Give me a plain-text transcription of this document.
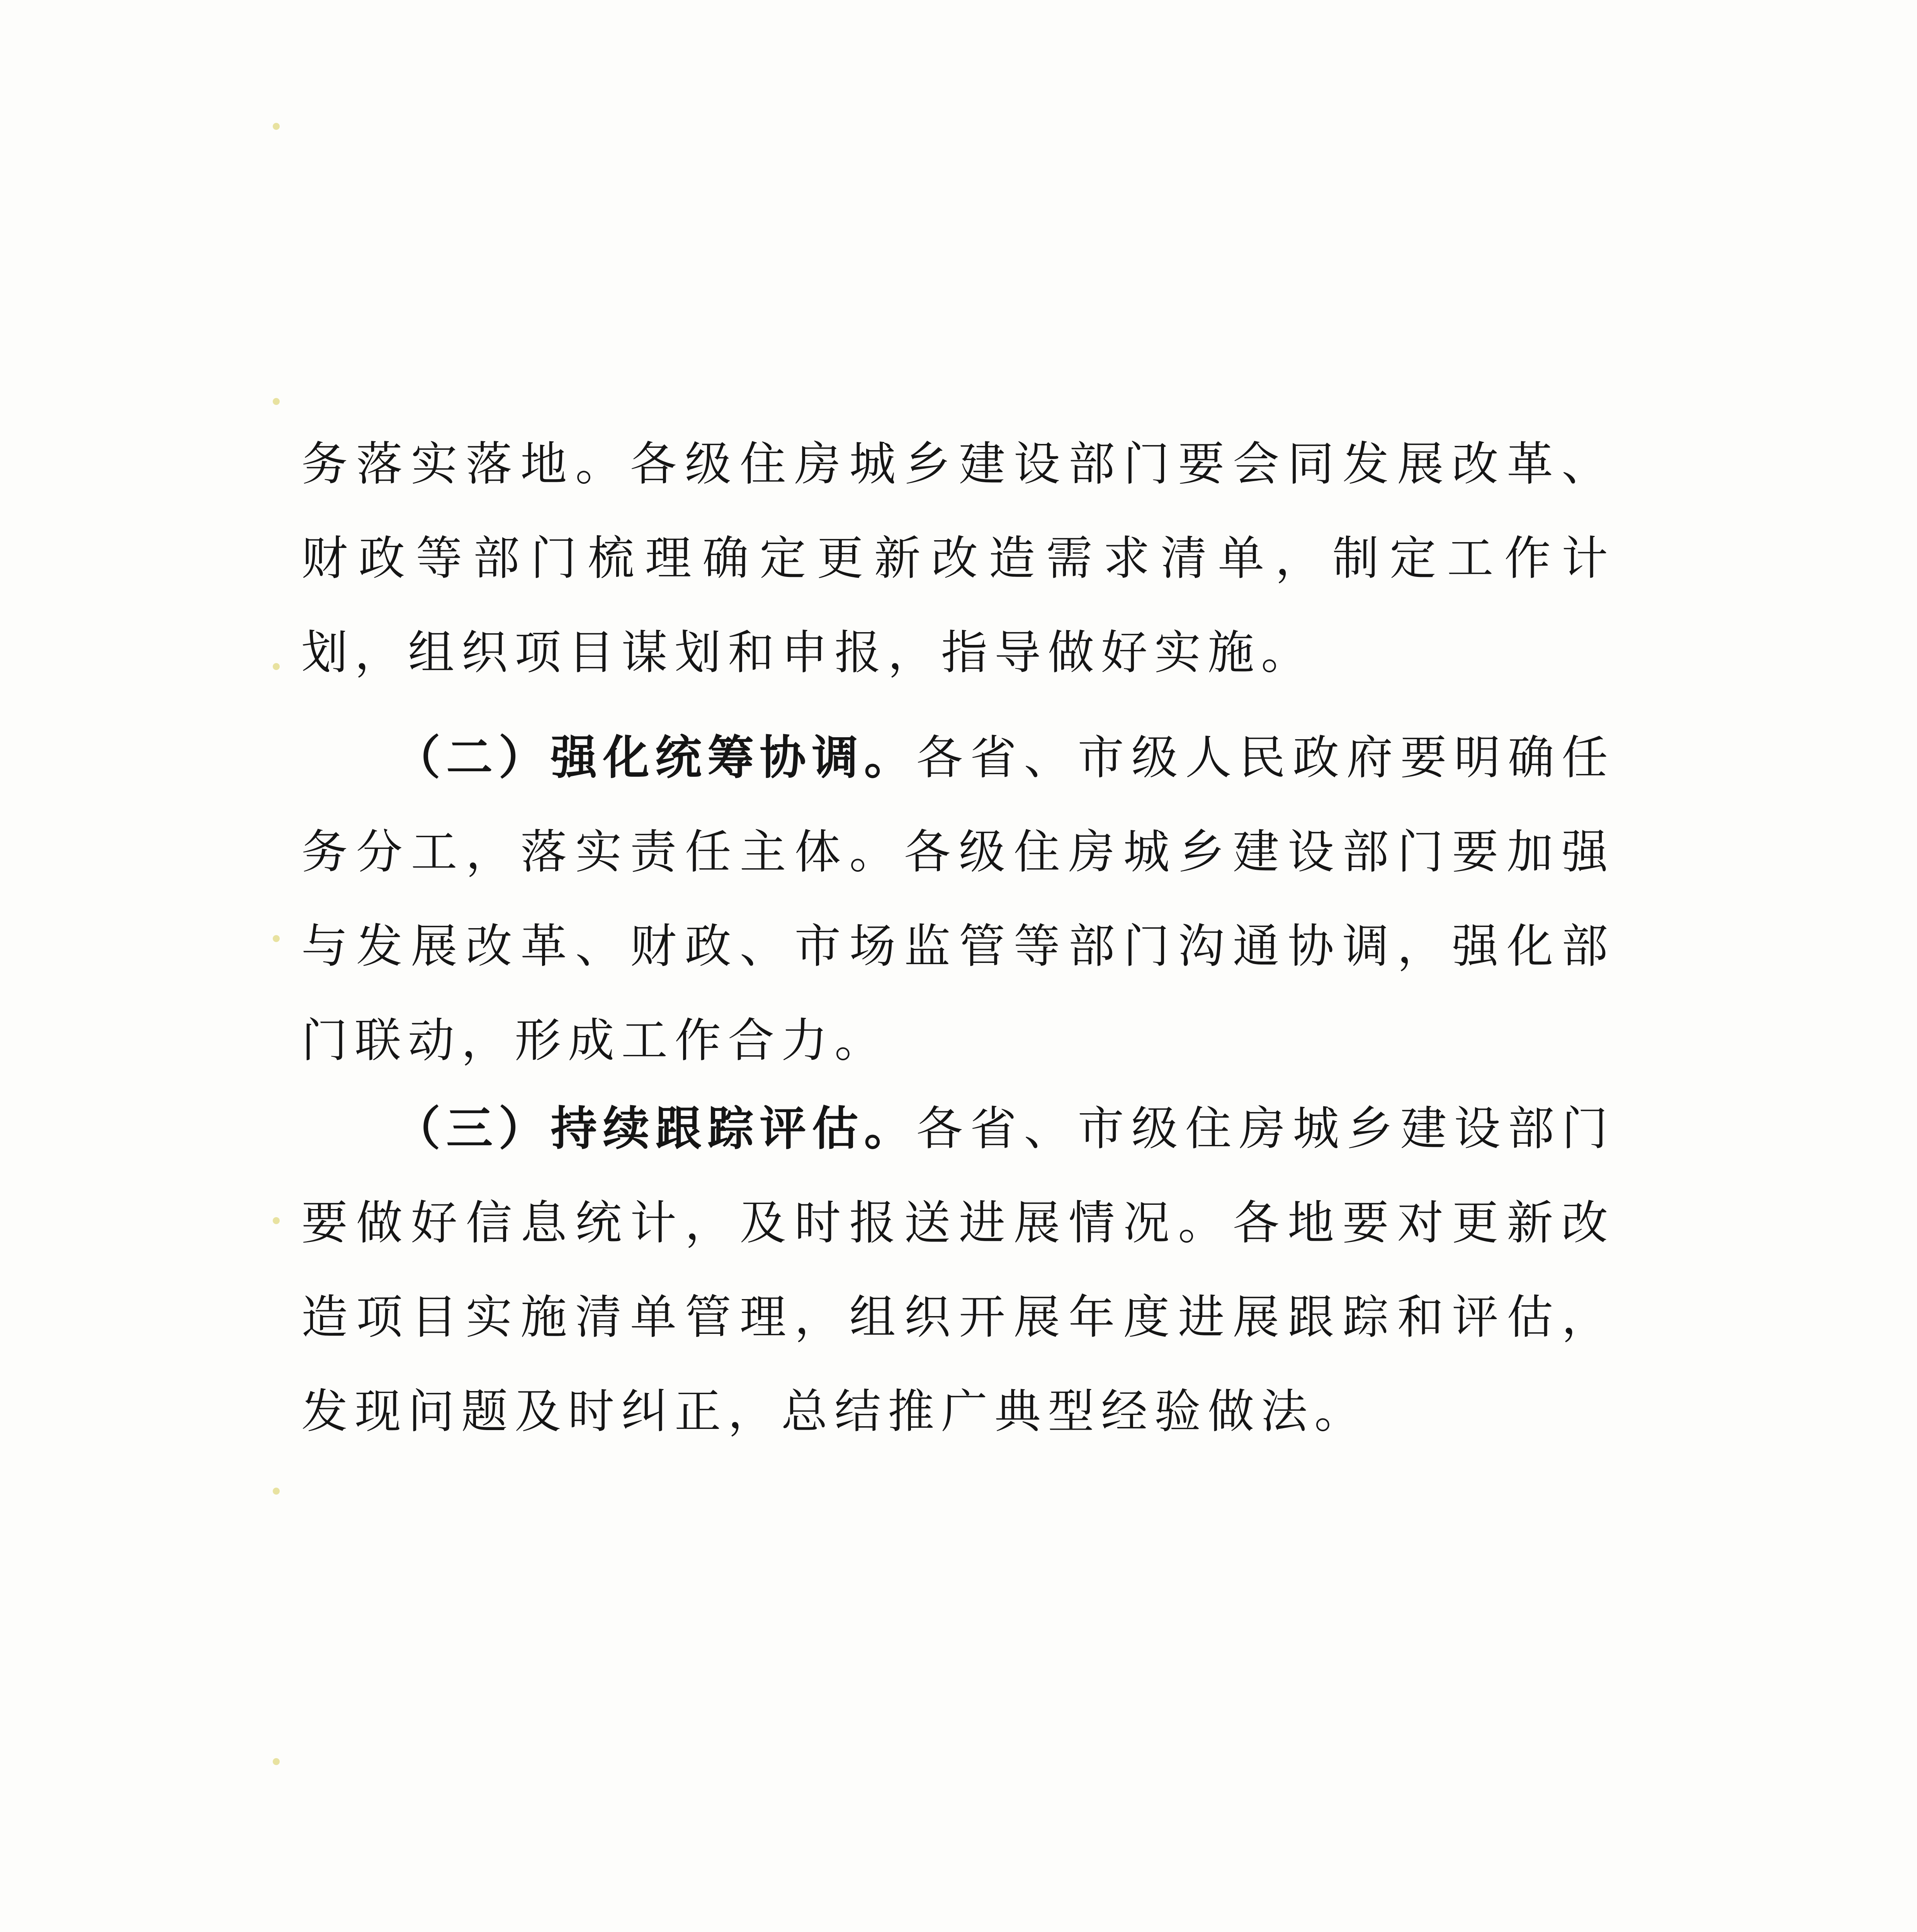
务落实落地。各级住房城乡建设部门要会同发展改革、财政等部门梳理确定更新改造需求清单，制定工作计划，组织项目谋划和申报，指导做好实施。

（二）强化统筹协调。各省、市级人民政府要明确任务分工，落实责任主体。各级住房城乡建设部门要加强与发展改革、财政、市场监管等部门沟通协调，强化部门联动，形成工作合力。

（三）持续跟踪评估。各省、市级住房城乡建设部门要做好信息统计，及时报送进展情况。各地要对更新改造项目实施清单管理，组织开展年度进展跟踪和评估，发现问题及时纠正，总结推广典型经验做法。
